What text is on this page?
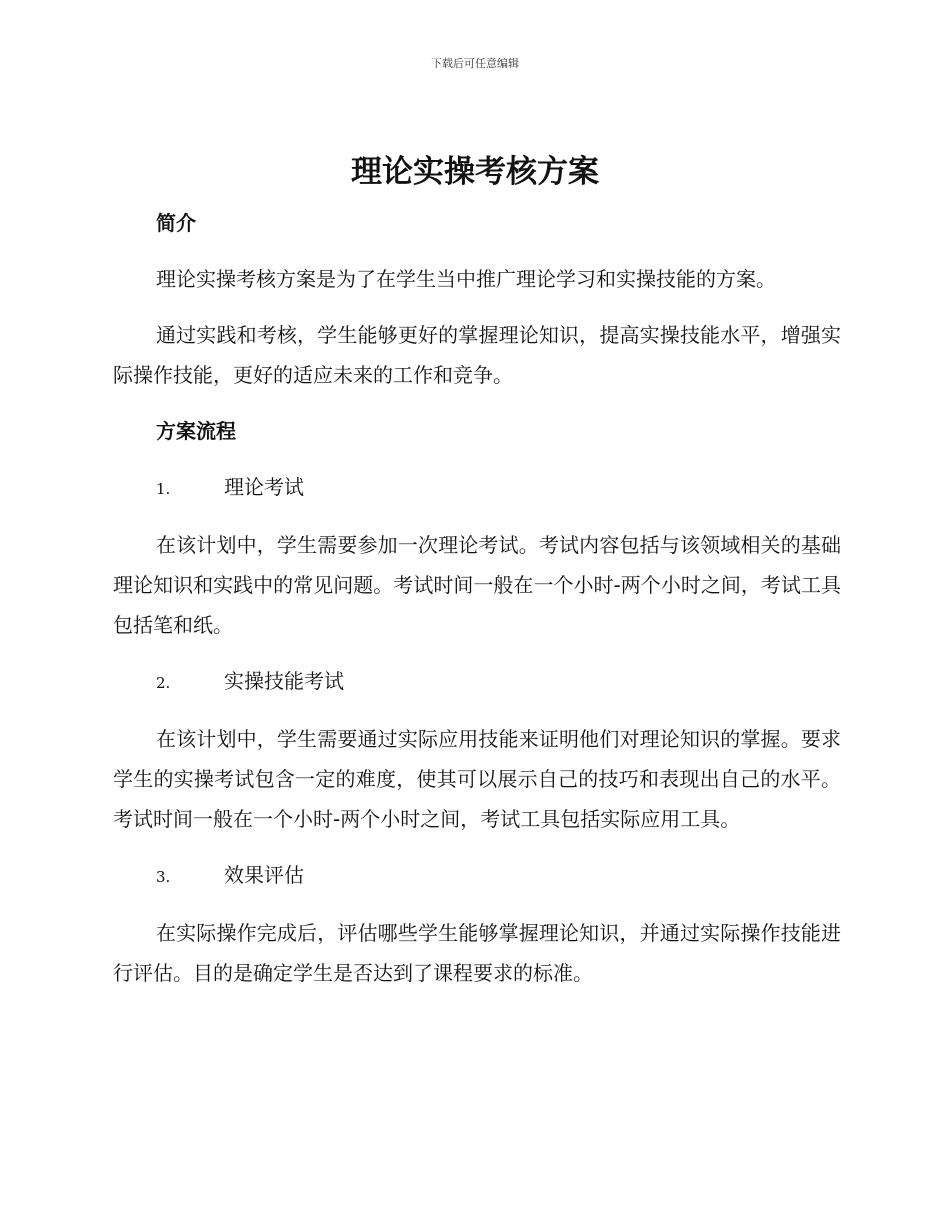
下载后可任意编辑
理论实操考核方案

简介

理论实操考核方案是为了在学生当中推广理论学习和实操技能的方案。

通过实践和考核，学生能够更好的掌握理论知识，提高实操技能水平，增强实际操作技能，更好的适应未来的工作和竞争。

方案流程

1.	理论考试

在该计划中，学生需要参加一次理论考试。考试内容包括与该领域相关的基础理论知识和实践中的常见问题。考试时间一般在一个小时-两个小时之间，考试工具包括笔和纸。

2.	实操技能考试

在该计划中，学生需要通过实际应用技能来证明他们对理论知识的掌握。要求学生的实操考试包含一定的难度，使其可以展示自己的技巧和表现出自己的水平。考试时间一般在一个小时-两个小时之间，考试工具包括实际应用工具。

3.	效果评估

在实际操作完成后，评估哪些学生能够掌握理论知识，并通过实际操作技能进行评估。目的是确定学生是否达到了课程要求的标准。
